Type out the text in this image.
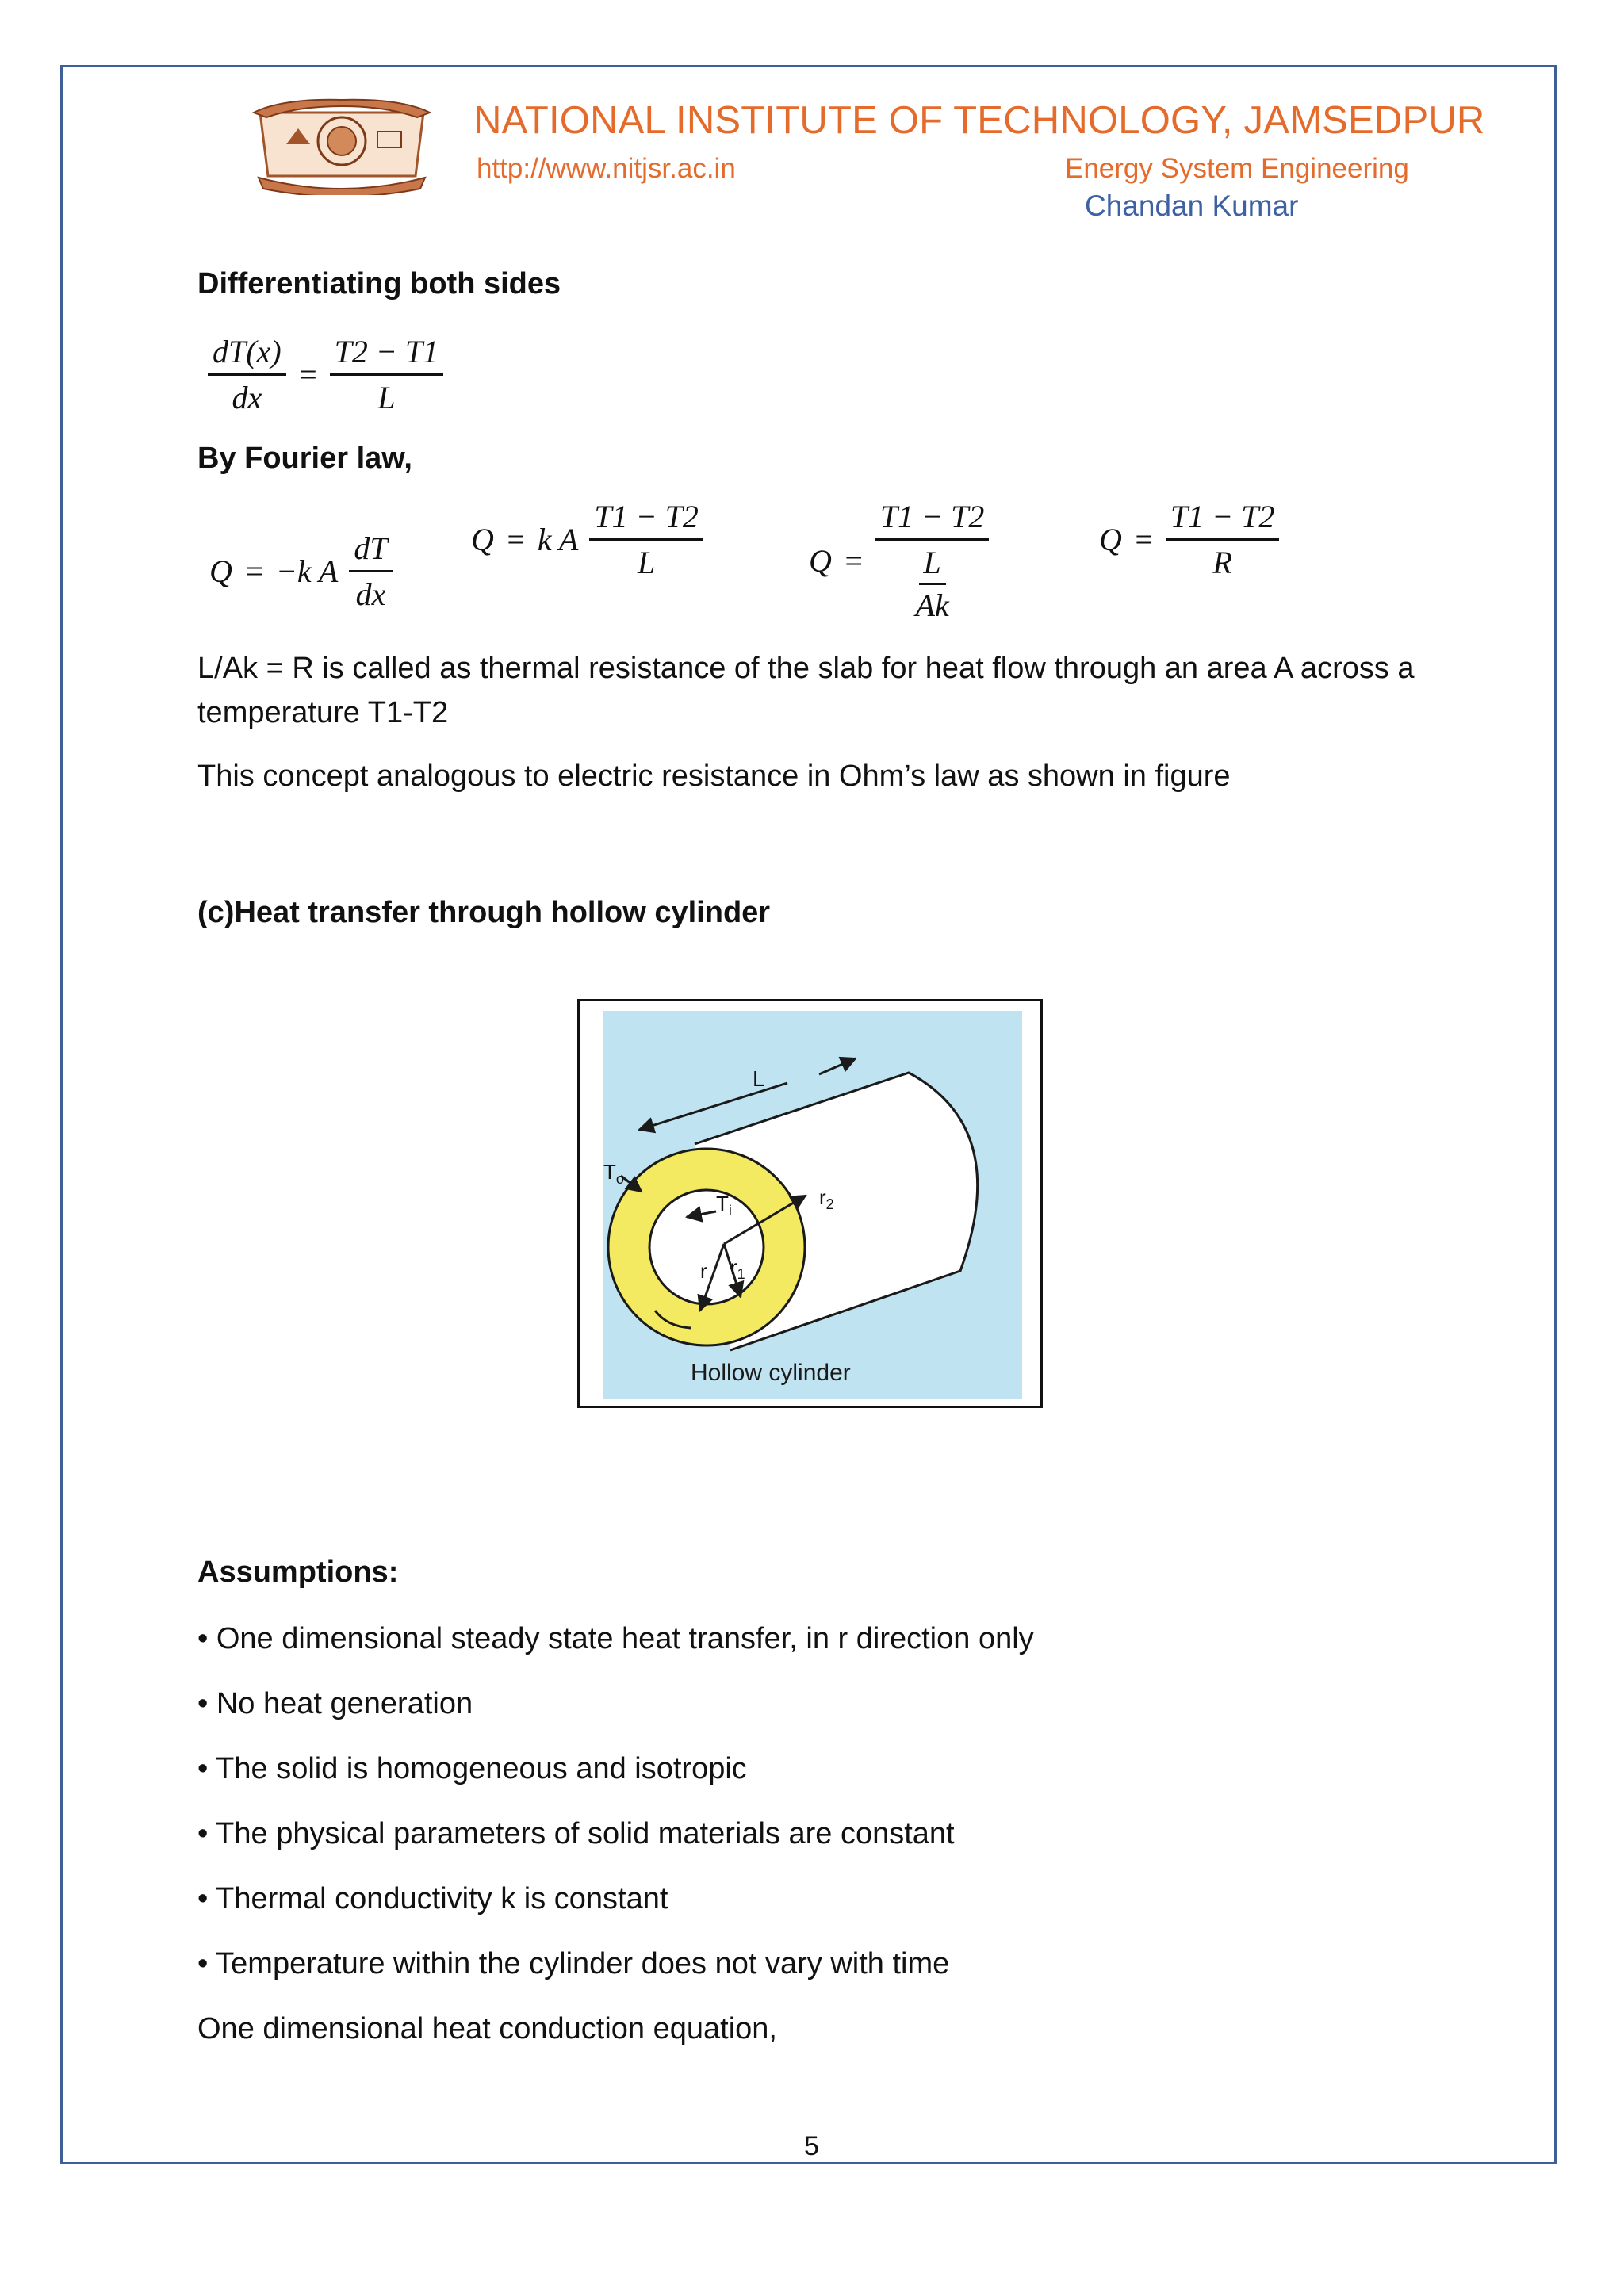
NATIONAL INSTITUTE OF TECHNOLOGY, JAMSEDPUR
http://www.nitjsr.ac.in	Energy System Engineering
Chandan Kumar
Differentiating both sides
$\frac{dT(x)}{dx} = \frac{T2 - T1}{L}$
By Fourier law,
Q = −k A $\frac{dT}{dx}$ Q = k A $\frac{T1 - T2}{L}$	$Q = \frac{T1 - T2}{\frac{L}{Ak}}$	$Q = \frac{T1 - T2}{R}$
L/Ak = R is called as thermal resistance of the slab for heat flow through an area A across a
temperature T1-T2
This concept analogous to electric resistance in Ohm’s law as shown in figure
(c)Heat transfer through hollow cylinder
L
$T_o$
$T_i$
$r_2$
r $r_1$
Hollow cylinder
Assumptions:
• One dimensional steady state heat transfer, in r direction only
• No heat generation
• The solid is homogeneous and isotropic
• The physical parameters of solid materials are constant
• Thermal conductivity k is constant
• Temperature within the cylinder does not vary with time
One dimensional heat conduction equation,
5
